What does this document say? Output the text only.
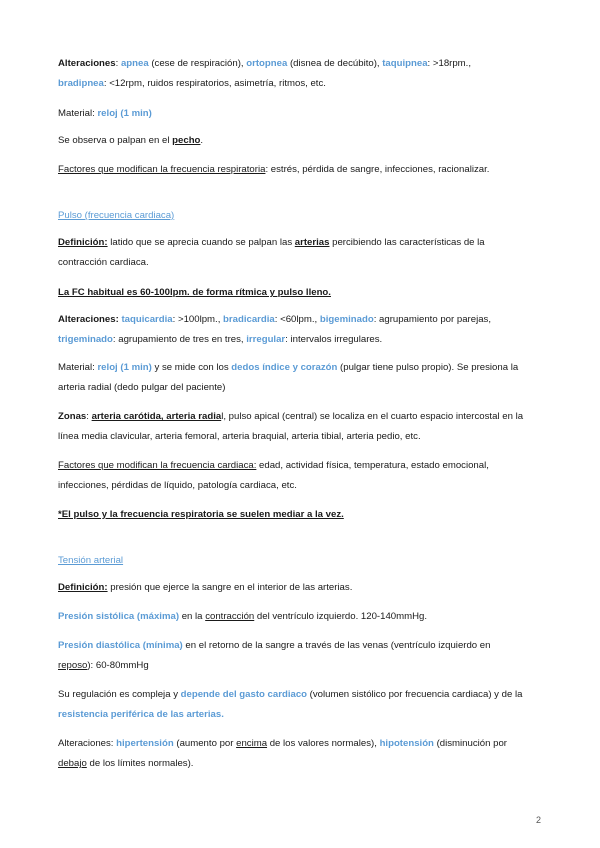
Alteraciones: apnea (cese de respiración), ortopnea (disnea de decúbito), taquipnea: >18rpm.,
bradipnea: <12rpm, ruidos respiratorios, asimetría, ritmos, etc.

Material: reloj (1 min)

Se observa o palpan en el pecho.

Factores que modifican la frecuencia respiratoria: estrés, pérdida de sangre, infecciones, racionalizar.

Pulso (frecuencia cardiaca)

Definición: latido que se aprecia cuando se palpan las arterias percibiendo las características de la
contracción cardiaca.

La FC habitual es 60-100lpm. de forma rítmica y pulso lleno.

Alteraciones: taquicardia: >100lpm., bradicardia: <60lpm., bigeminado: agrupamiento por parejas,
trigeminado: agrupamiento de tres en tres, irregular: intervalos irregulares.

Material: reloj (1 min) y se mide con los dedos índice y corazón (pulgar tiene pulso propio). Se presiona la
arteria radial (dedo pulgar del paciente)

Zonas: arteria carótida, arteria radial, pulso apical (central) se localiza en el cuarto espacio intercostal en la
línea media clavicular, arteria femoral, arteria braquial, arteria tibial, arteria pedio, etc.

Factores que modifican la frecuencia cardiaca: edad, actividad física, temperatura, estado emocional,
infecciones, pérdidas de líquido, patología cardiaca, etc.

*El pulso y la frecuencia respiratoria se suelen mediar a la vez.

Tensión arterial

Definición: presión que ejerce la sangre en el interior de las arterias.

Presión sistólica (máxima) en la contracción del ventrículo izquierdo. 120-140mmHg.

Presión diastólica (mínima) en el retorno de la sangre a través de las venas (ventrículo izquierdo en
reposo): 60-80mmHg

Su regulación es compleja y depende del gasto cardiaco (volumen sistólico por frecuencia cardiaca) y de la
resistencia periférica de las arterias.

Alteraciones: hipertensión (aumento por encima de los valores normales), hipotensión (disminución por
debajo de los límites normales).

2
